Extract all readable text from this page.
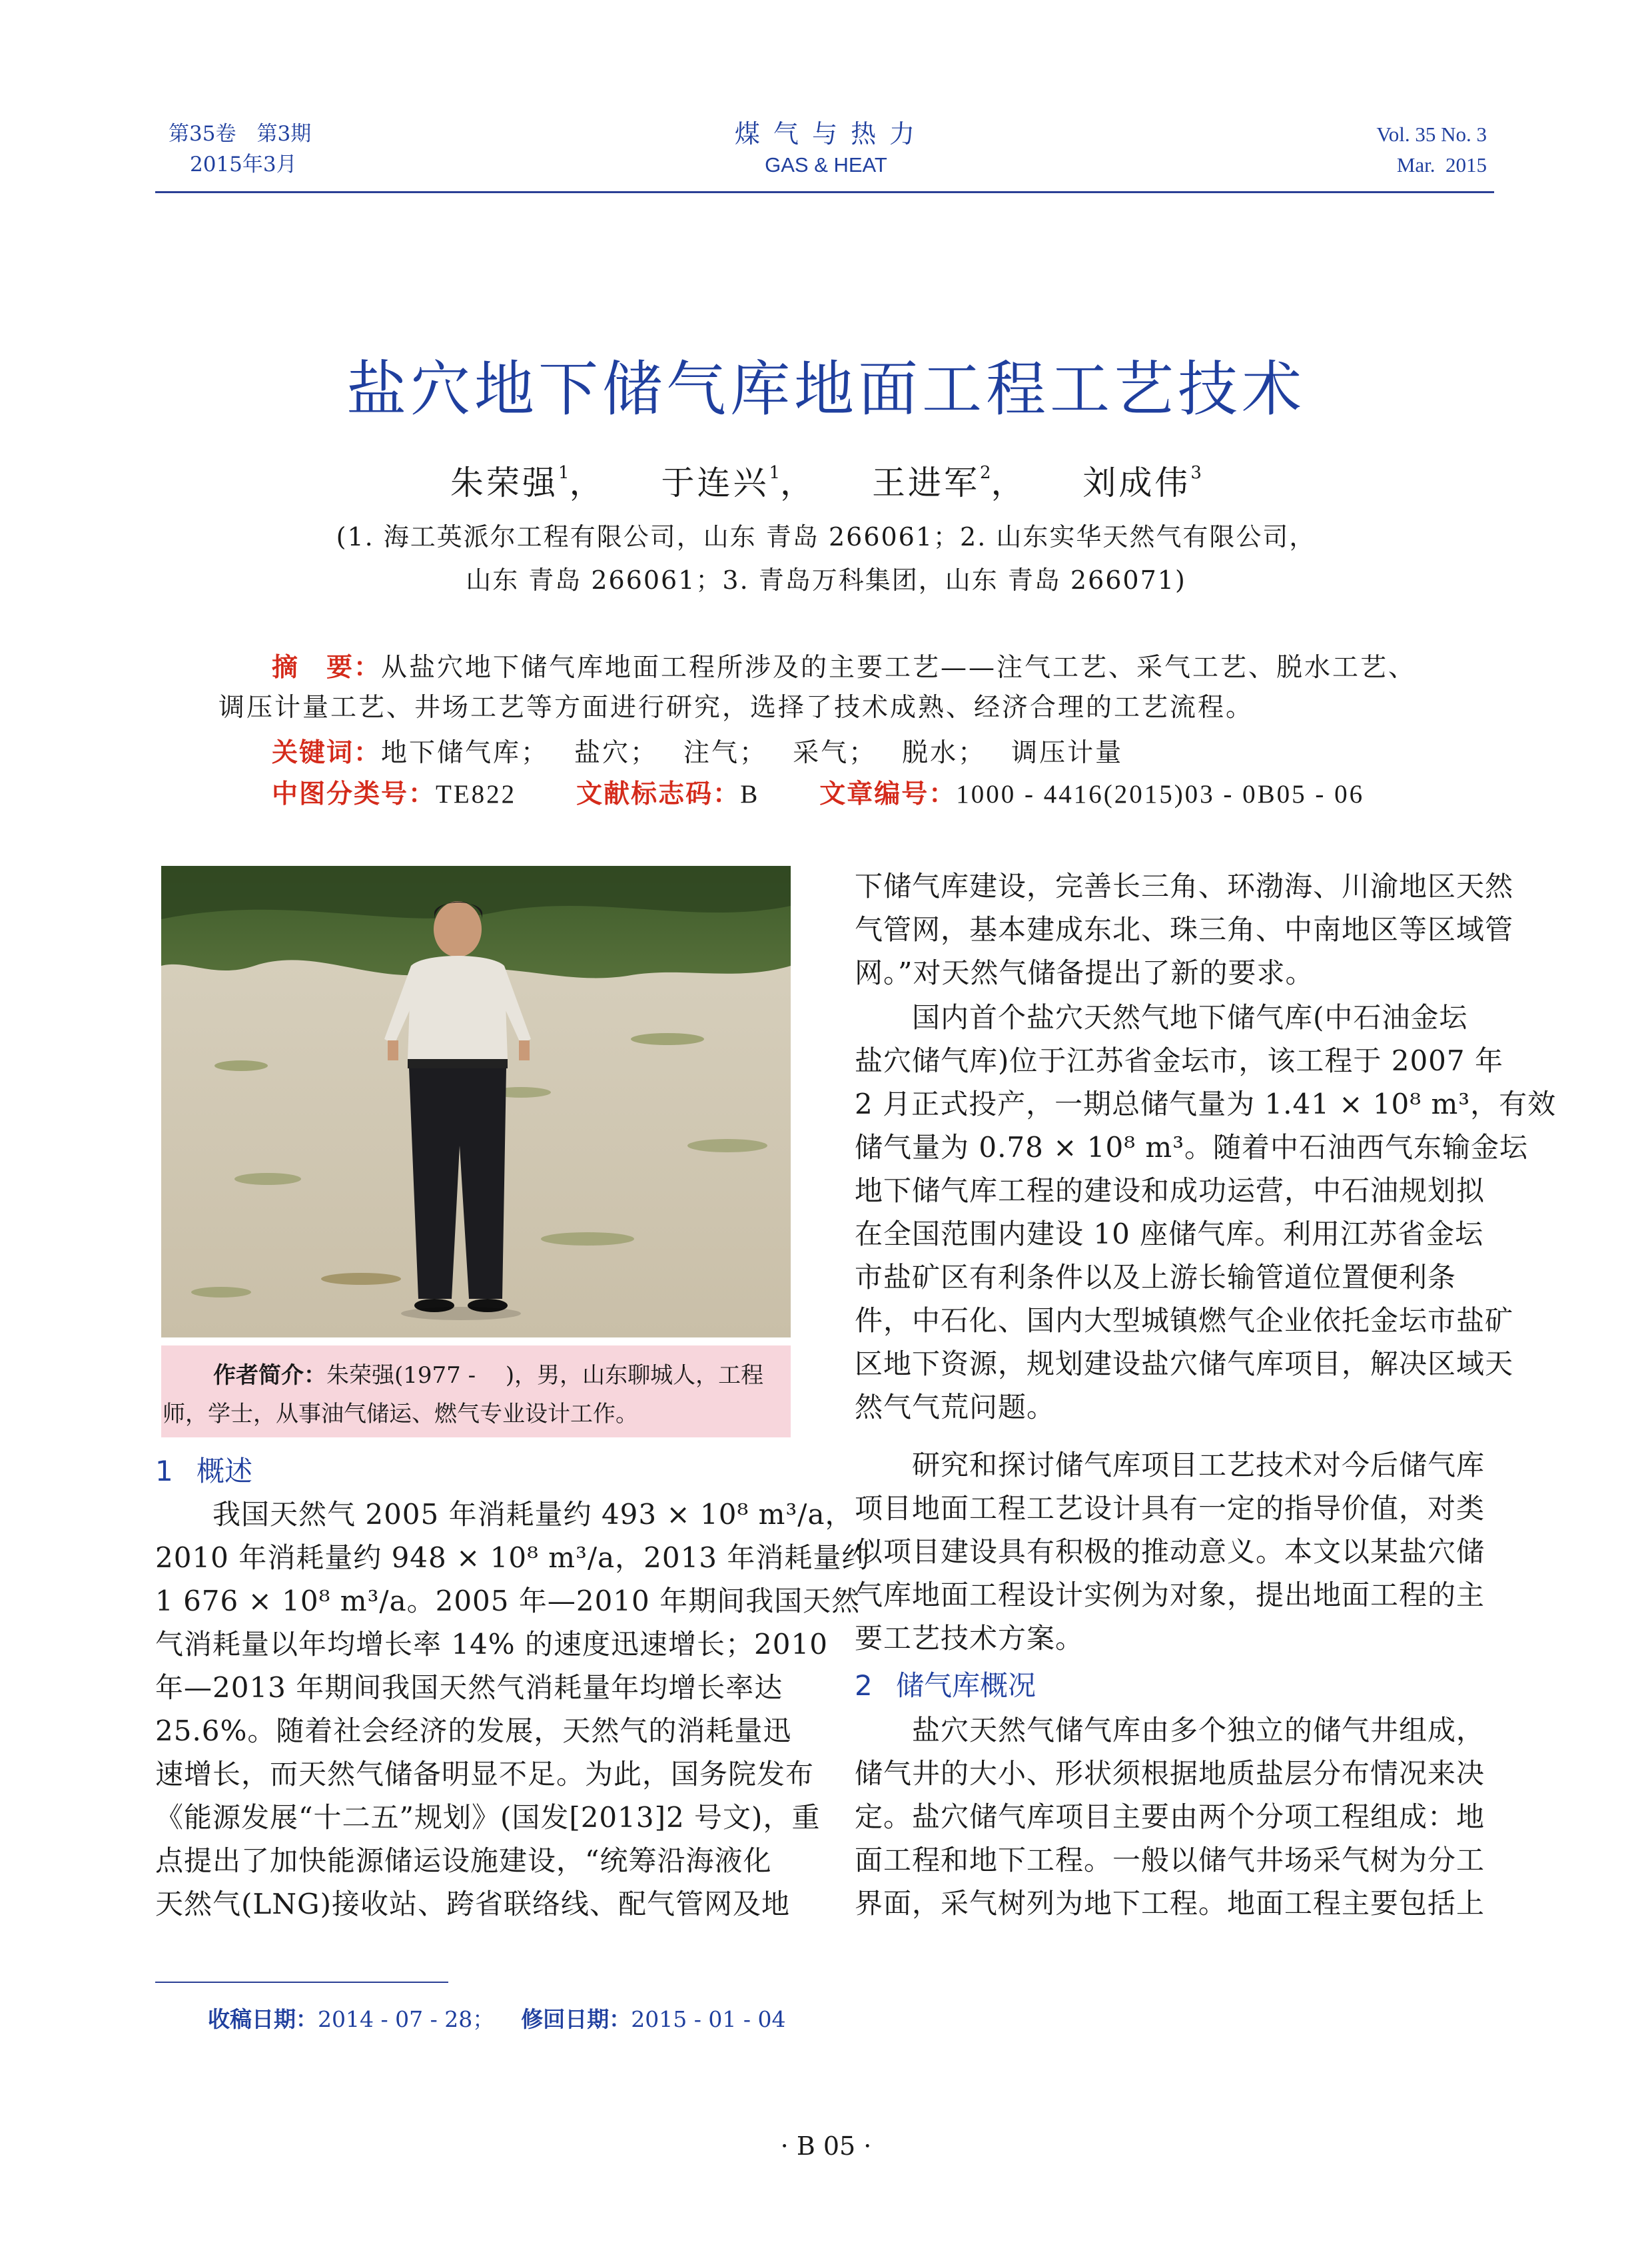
第35卷　第3期
2015年3月
煤 气 与 热 力
GAS & HEAT
Vol. 35 No. 3
Mar.  2015
盐穴地下储气库地面工程工艺技术
朱荣强$^1$， 于连兴$^1$， 王进军$^2$， 刘成伟$^3$
(1. 海工英派尔工程有限公司，山东 青岛 266061；2. 山东实华天然气有限公司，
山东 青岛 266061；3. 青岛万科集团，山东 青岛 266071)
摘　要：从盐穴地下储气库地面工程所涉及的主要工艺——注气工艺、采气工艺、脱水工艺、
调压计量工艺、井场工艺等方面进行研究，选择了技术成熟、经济合理的工艺流程。
关键词：地下储气库； 盐穴； 注气； 采气； 脱水； 调压计量
中图分类号：TE822 文献标志码：B 文章编号：1000 - 4416(2015)03 - 0B05 - 06
作者简介：朱荣强(1977 -　 )，男，山东聊城人，工程
师，学士，从事油气储运、燃气专业设计工作。
1 概述
　　我国天然气 2005 年消耗量约 493 × 10⁸ m³/a，
2010 年消耗量约 948 × 10⁸ m³/a，2013 年消耗量约
1 676 × 10⁸ m³/a。2005 年—2010 年期间我国天然
气消耗量以年均增长率 14% 的速度迅速增长；2010
年—2013 年期间我国天然气消耗量年均增长率达
25.6%。随着社会经济的发展，天然气的消耗量迅
速增长，而天然气储备明显不足。为此，国务院发布
《能源发展“十二五”规划》(国发[2013]2 号文)，重
点提出了加快能源储运设施建设，“统筹沿海液化
天然气(LNG)接收站、跨省联络线、配气管网及地
下储气库建设，完善长三角、环渤海、川渝地区天然
气管网，基本建成东北、珠三角、中南地区等区域管
网。”对天然气储备提出了新的要求。
　　国内首个盐穴天然气地下储气库(中石油金坛
盐穴储气库)位于江苏省金坛市，该工程于 2007 年
2 月正式投产，一期总储气量为 1.41 × 10⁸ m³，有效
储气量为 0.78 × 10⁸ m³。随着中石油西气东输金坛
地下储气库工程的建设和成功运营，中石油规划拟
在全国范围内建设 10 座储气库。利用江苏省金坛
市盐矿区有利条件以及上游长输管道位置便利条
件，中石化、国内大型城镇燃气企业依托金坛市盐矿
区地下资源，规划建设盐穴储气库项目，解决区域天
然气气荒问题。
　　研究和探讨储气库项目工艺技术对今后储气库
项目地面工程工艺设计具有一定的指导价值，对类
似项目建设具有积极的推动意义。本文以某盐穴储
气库地面工程设计实例为对象，提出地面工程的主
要工艺技术方案。
2 储气库概况
　　盐穴天然气储气库由多个独立的储气井组成，
储气井的大小、形状须根据地质盐层分布情况来决
定。盐穴储气库项目主要由两个分项工程组成：地
面工程和地下工程。一般以储气井场采气树为分工
界面，采气树列为地下工程。地面工程主要包括上
收稿日期：2014 - 07 - 28； 修回日期：2015 - 01 - 04
· B 05 ·
